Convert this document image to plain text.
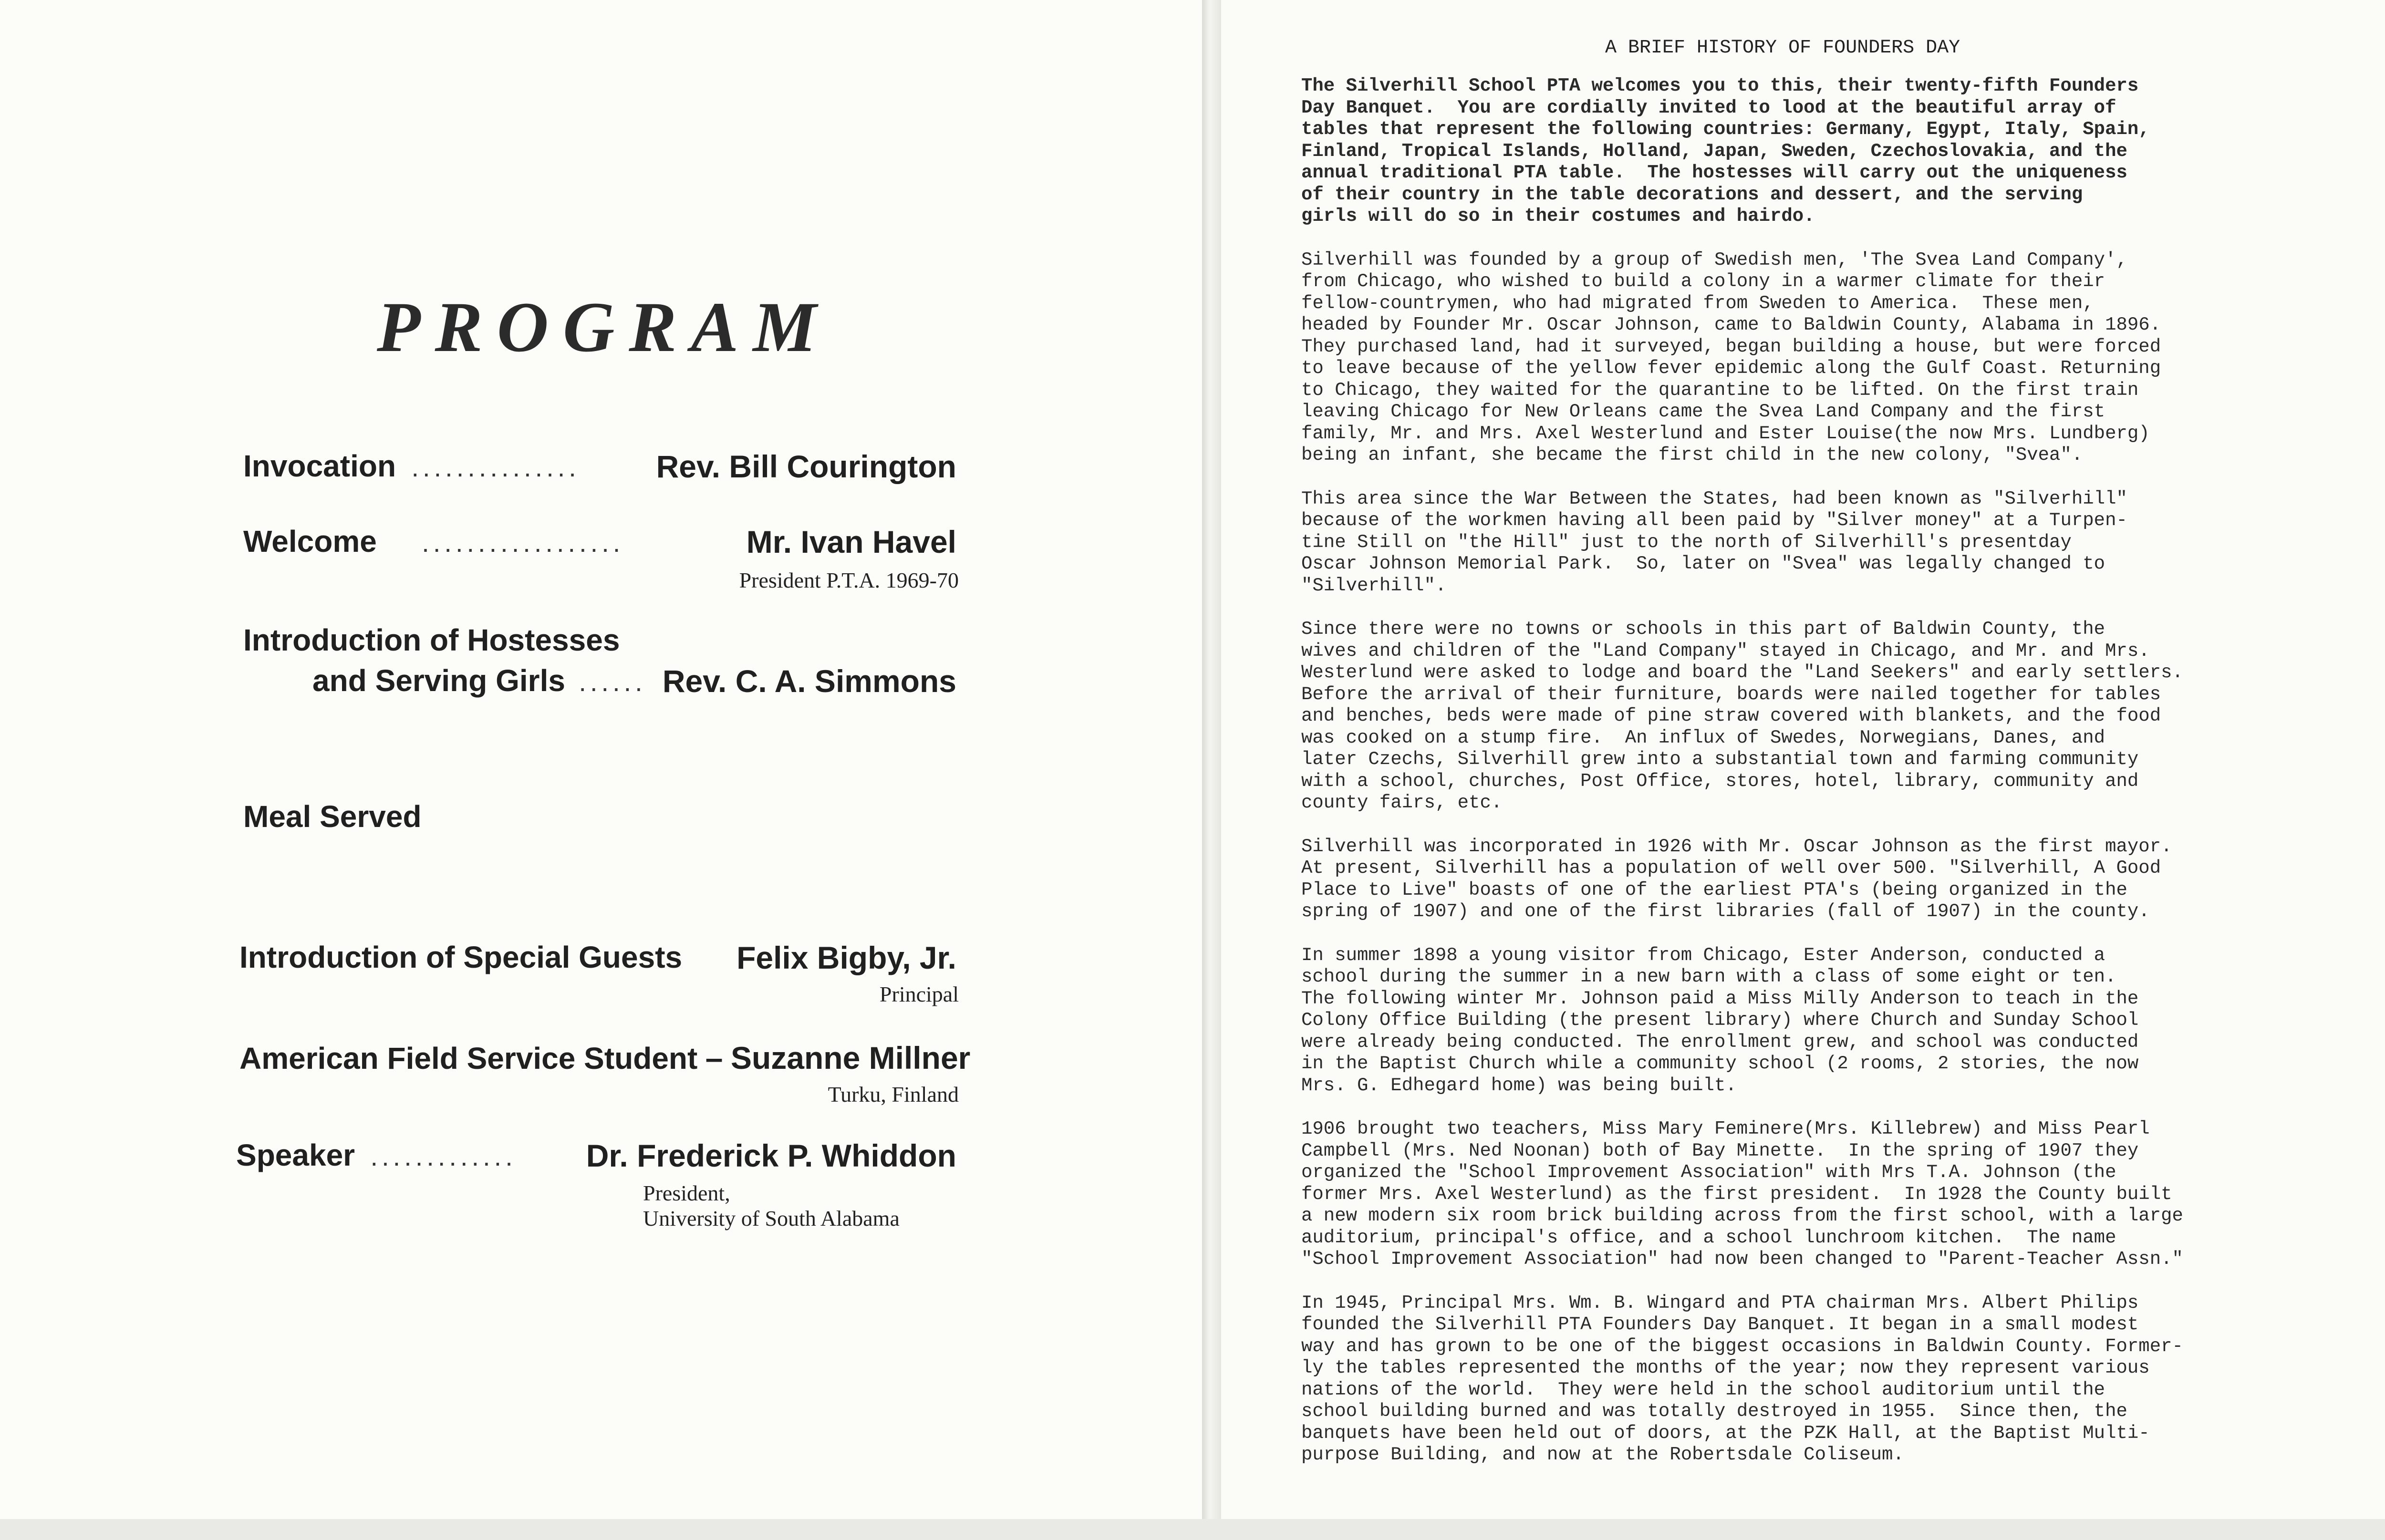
PROGRAM
Invocation ............... Rev. Bill Courington
Welcome ..................	Mr. Ivan Havel
President P.T.A. 1969-70
Introduction of Hostesses
and Serving Girls ...... Rev. C. A. Simmons
Meal Served
Introduction of Special Guests Felix Bigby, Jr.
Principal
American Field Service Student – Suzanne Millner
Turku, Finland
Speaker ............. Dr. Frederick P. Whiddon
President,
University of South Alabama
A BRIEF HISTORY OF FOUNDERS DAY

The Silverhill School PTA welcomes you to this, their twenty-fifth Founders
Day Banquet.  You are cordially invited to lood at the beautiful array of
tables that represent the following countries: Germany, Egypt, Italy, Spain,
Finland, Tropical Islands, Holland, Japan, Sweden, Czechoslovakia, and the
annual traditional PTA table.  The hostesses will carry out the uniqueness
of their country in the table decorations and dessert, and the serving
girls will do so in their costumes and hairdo.

Silverhill was founded by a group of Swedish men, 'The Svea Land Company',
from Chicago, who wished to build a colony in a warmer climate for their
fellow-countrymen, who had migrated from Sweden to America.  These men,
headed by Founder Mr. Oscar Johnson, came to Baldwin County, Alabama in 1896.
They purchased land, had it surveyed, began building a house, but were forced
to leave because of the yellow fever epidemic along the Gulf Coast. Returning
to Chicago, they waited for the quarantine to be lifted. On the first train
leaving Chicago for New Orleans came the Svea Land Company and the first
family, Mr. and Mrs. Axel Westerlund and Ester Louise(the now Mrs. Lundberg)
being an infant, she became the first child in the new colony, "Svea".

This area since the War Between the States, had been known as "Silverhill"
because of the workmen having all been paid by "Silver money" at a Turpen-
tine Still on "the Hill" just to the north of Silverhill's presentday
Oscar Johnson Memorial Park.  So, later on "Svea" was legally changed to
"Silverhill".

Since there were no towns or schools in this part of Baldwin County, the
wives and children of the "Land Company" stayed in Chicago, and Mr. and Mrs.
Westerlund were asked to lodge and board the "Land Seekers" and early settlers.
Before the arrival of their furniture, boards were nailed together for tables
and benches, beds were made of pine straw covered with blankets, and the food
was cooked on a stump fire.  An influx of Swedes, Norwegians, Danes, and
later Czechs, Silverhill grew into a substantial town and farming community
with a school, churches, Post Office, stores, hotel, library, community and
county fairs, etc.

Silverhill was incorporated in 1926 with Mr. Oscar Johnson as the first mayor.
At present, Silverhill has a population of well over 500. "Silverhill, A Good
Place to Live" boasts of one of the earliest PTA's (being organized in the
spring of 1907) and one of the first libraries (fall of 1907) in the county.

In summer 1898 a young visitor from Chicago, Ester Anderson, conducted a
school during the summer in a new barn with a class of some eight or ten.
The following winter Mr. Johnson paid a Miss Milly Anderson to teach in the
Colony Office Building (the present library) where Church and Sunday School
were already being conducted. The enrollment grew, and school was conducted
in the Baptist Church while a community school (2 rooms, 2 stories, the now
Mrs. G. Edhegard home) was being built.

1906 brought two teachers, Miss Mary Feminere(Mrs. Killebrew) and Miss Pearl
Campbell (Mrs. Ned Noonan) both of Bay Minette.  In the spring of 1907 they
organized the "School Improvement Association" with Mrs T.A. Johnson (the
former Mrs. Axel Westerlund) as the first president.  In 1928 the County built
a new modern six room brick building across from the first school, with a large
auditorium, principal's office, and a school lunchroom kitchen.  The name
"School Improvement Association" had now been changed to "Parent-Teacher Assn."

In 1945, Principal Mrs. Wm. B. Wingard and PTA chairman Mrs. Albert Philips
founded the Silverhill PTA Founders Day Banquet. It began in a small modest
way and has grown to be one of the biggest occasions in Baldwin County. Former-
ly the tables represented the months of the year; now they represent various
nations of the world.  They were held in the school auditorium until the
school building burned and was totally destroyed in 1955.  Since then, the
banquets have been held out of doors, at the PZK Hall, at the Baptist Multi-
purpose Building, and now at the Robertsdale Coliseum.
